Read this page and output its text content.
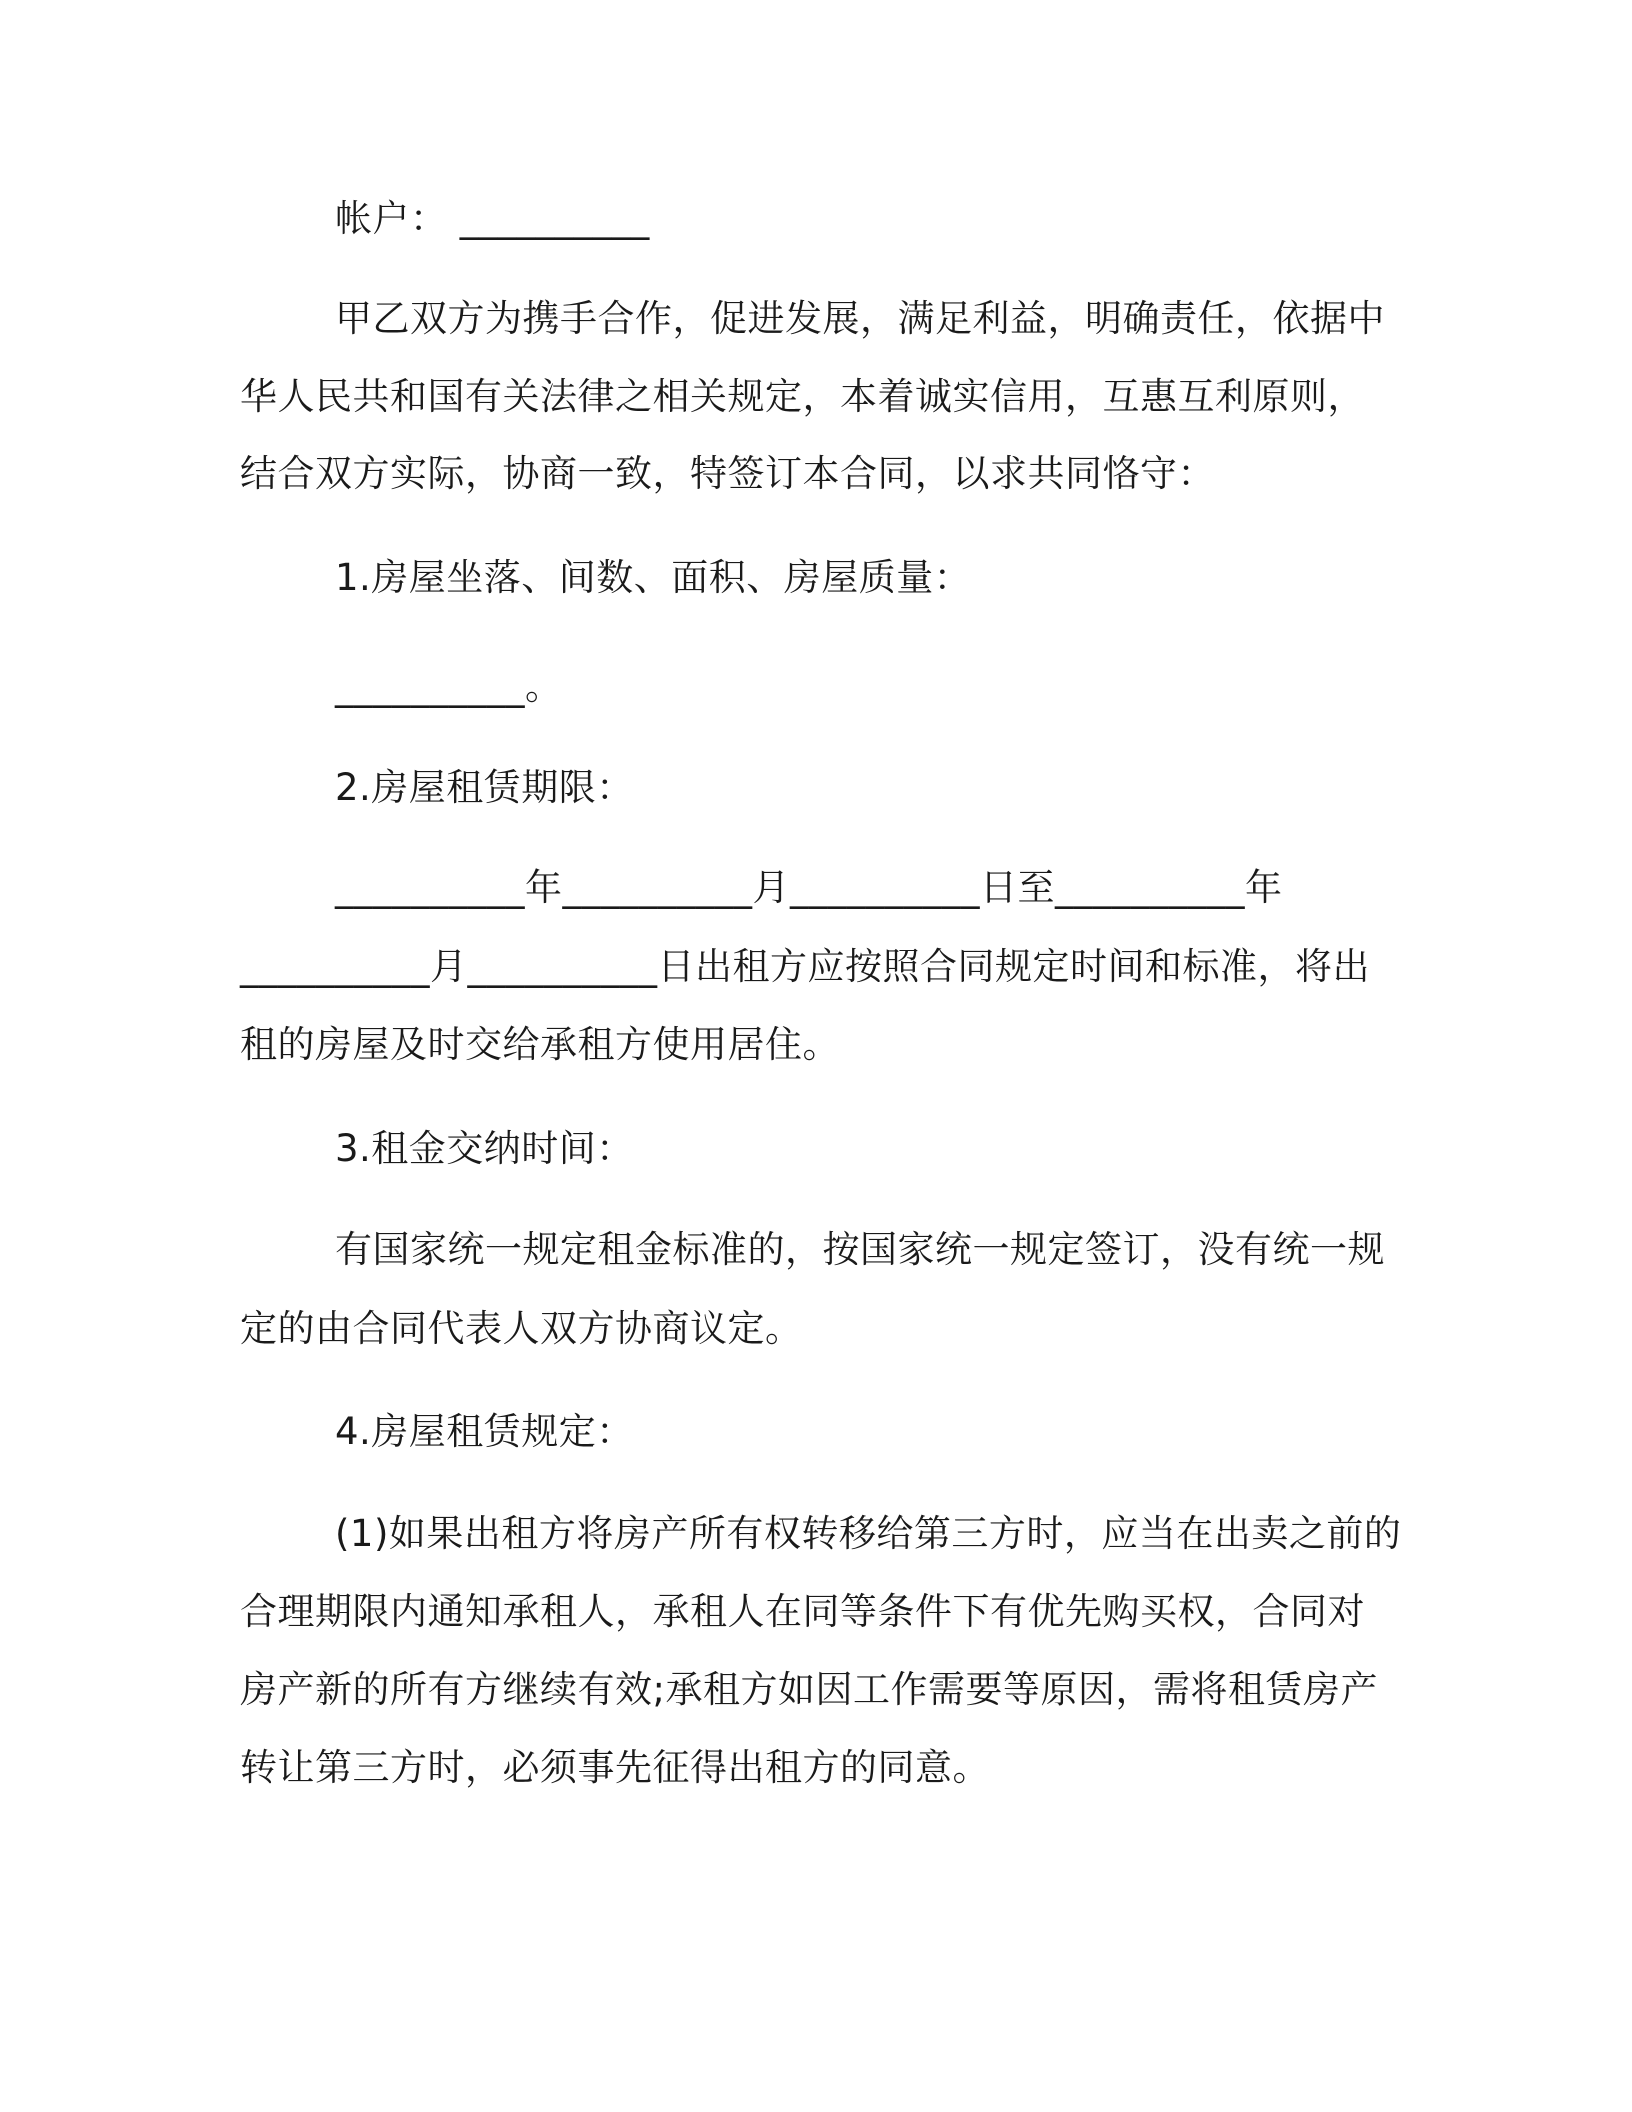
帐户： __________
甲乙双方为携手合作，促进发展，满足利益，明确责任，依据中
华人民共和国有关法律之相关规定，本着诚实信用，互惠互利原则，
结合双方实际，协商一致，特签订本合同，以求共同恪守：
1.房屋坐落、间数、面积、房屋质量：
__________。
2.房屋租赁期限：
__________年__________月__________日至__________年
__________月__________日出租方应按照合同规定时间和标准，将出
租的房屋及时交给承租方使用居住。
3.租金交纳时间：
有国家统一规定租金标准的，按国家统一规定签订，没有统一规
定的由合同代表人双方协商议定。
4.房屋租赁规定：
(1)如果出租方将房产所有权转移给第三方时，应当在出卖之前的
合理期限内通知承租人，承租人在同等条件下有优先购买权，合同对
房产新的所有方继续有效;承租方如因工作需要等原因，需将租赁房产
转让第三方时，必须事先征得出租方的同意。
